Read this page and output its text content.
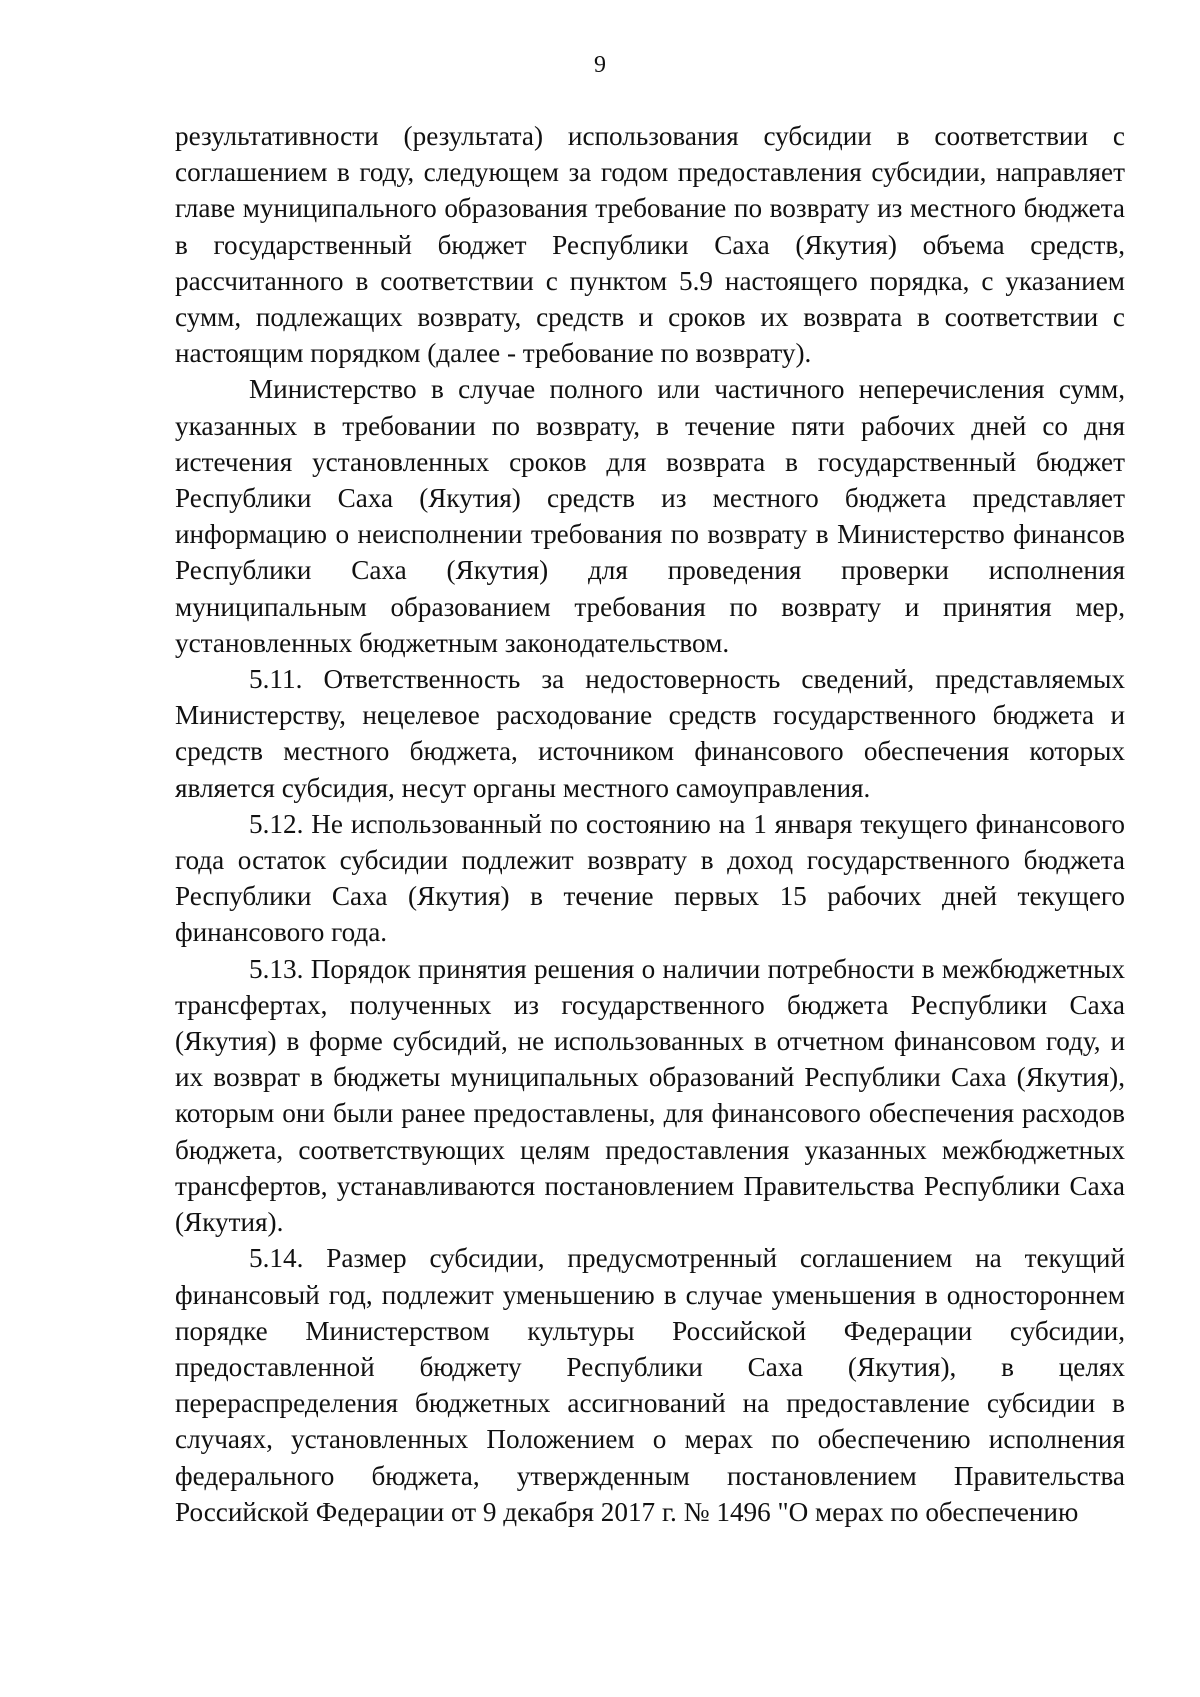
9

результативности (результата) использования субсидии в соответствии с соглашением в году, следующем за годом предоставления субсидии, направляет главе муниципального образования требование по возврату из местного бюджета в государственный бюджет Республики Саха (Якутия) объема средств, рассчитанного в соответствии с пунктом 5.9 настоящего порядка, с указанием сумм, подлежащих возврату, средств и сроков их возврата в соответствии с настоящим порядком (далее - требование по возврату).

Министерство в случае полного или частичного неперечисления сумм, указанных в требовании по возврату, в течение пяти рабочих дней со дня истечения установленных сроков для возврата в государственный бюджет Республики Саха (Якутия) средств из местного бюджета представляет информацию о неисполнении требования по возврату в Министерство финансов Республики Саха (Якутия) для проведения проверки исполнения муниципальным образованием требования по возврату и принятия мер, установленных бюджетным законодательством.

5.11. Ответственность за недостоверность сведений, представляемых Министерству, нецелевое расходование средств государственного бюджета и средств местного бюджета, источником финансового обеспечения которых является субсидия, несут органы местного самоуправления.

5.12. Не использованный по состоянию на 1 января текущего финансового года остаток субсидии подлежит возврату в доход государственного бюджета Республики Саха (Якутия) в течение первых 15 рабочих дней текущего финансового года.

5.13. Порядок принятия решения о наличии потребности в межбюджетных трансфертах, полученных из государственного бюджета Республики Саха (Якутия) в форме субсидий, не использованных в отчетном финансовом году, и их возврат в бюджеты муниципальных образований Республики Саха (Якутия), которым они были ранее предоставлены, для финансового обеспечения расходов бюджета, соответствующих целям предоставления указанных межбюджетных трансфертов, устанавливаются постановлением Правительства Республики Саха (Якутия).

5.14. Размер субсидии, предусмотренный соглашением на текущий финансовый год, подлежит уменьшению в случае уменьшения в одностороннем порядке Министерством культуры Российской Федерации субсидии, предоставленной бюджету Республики Саха (Якутия), в целях перераспределения бюджетных ассигнований на предоставление субсидии в случаях, установленных Положением о мерах по обеспечению исполнения федерального бюджета, утвержденным постановлением Правительства Российской Федерации от 9 декабря 2017 г. № 1496 "О мерах по обеспечению
